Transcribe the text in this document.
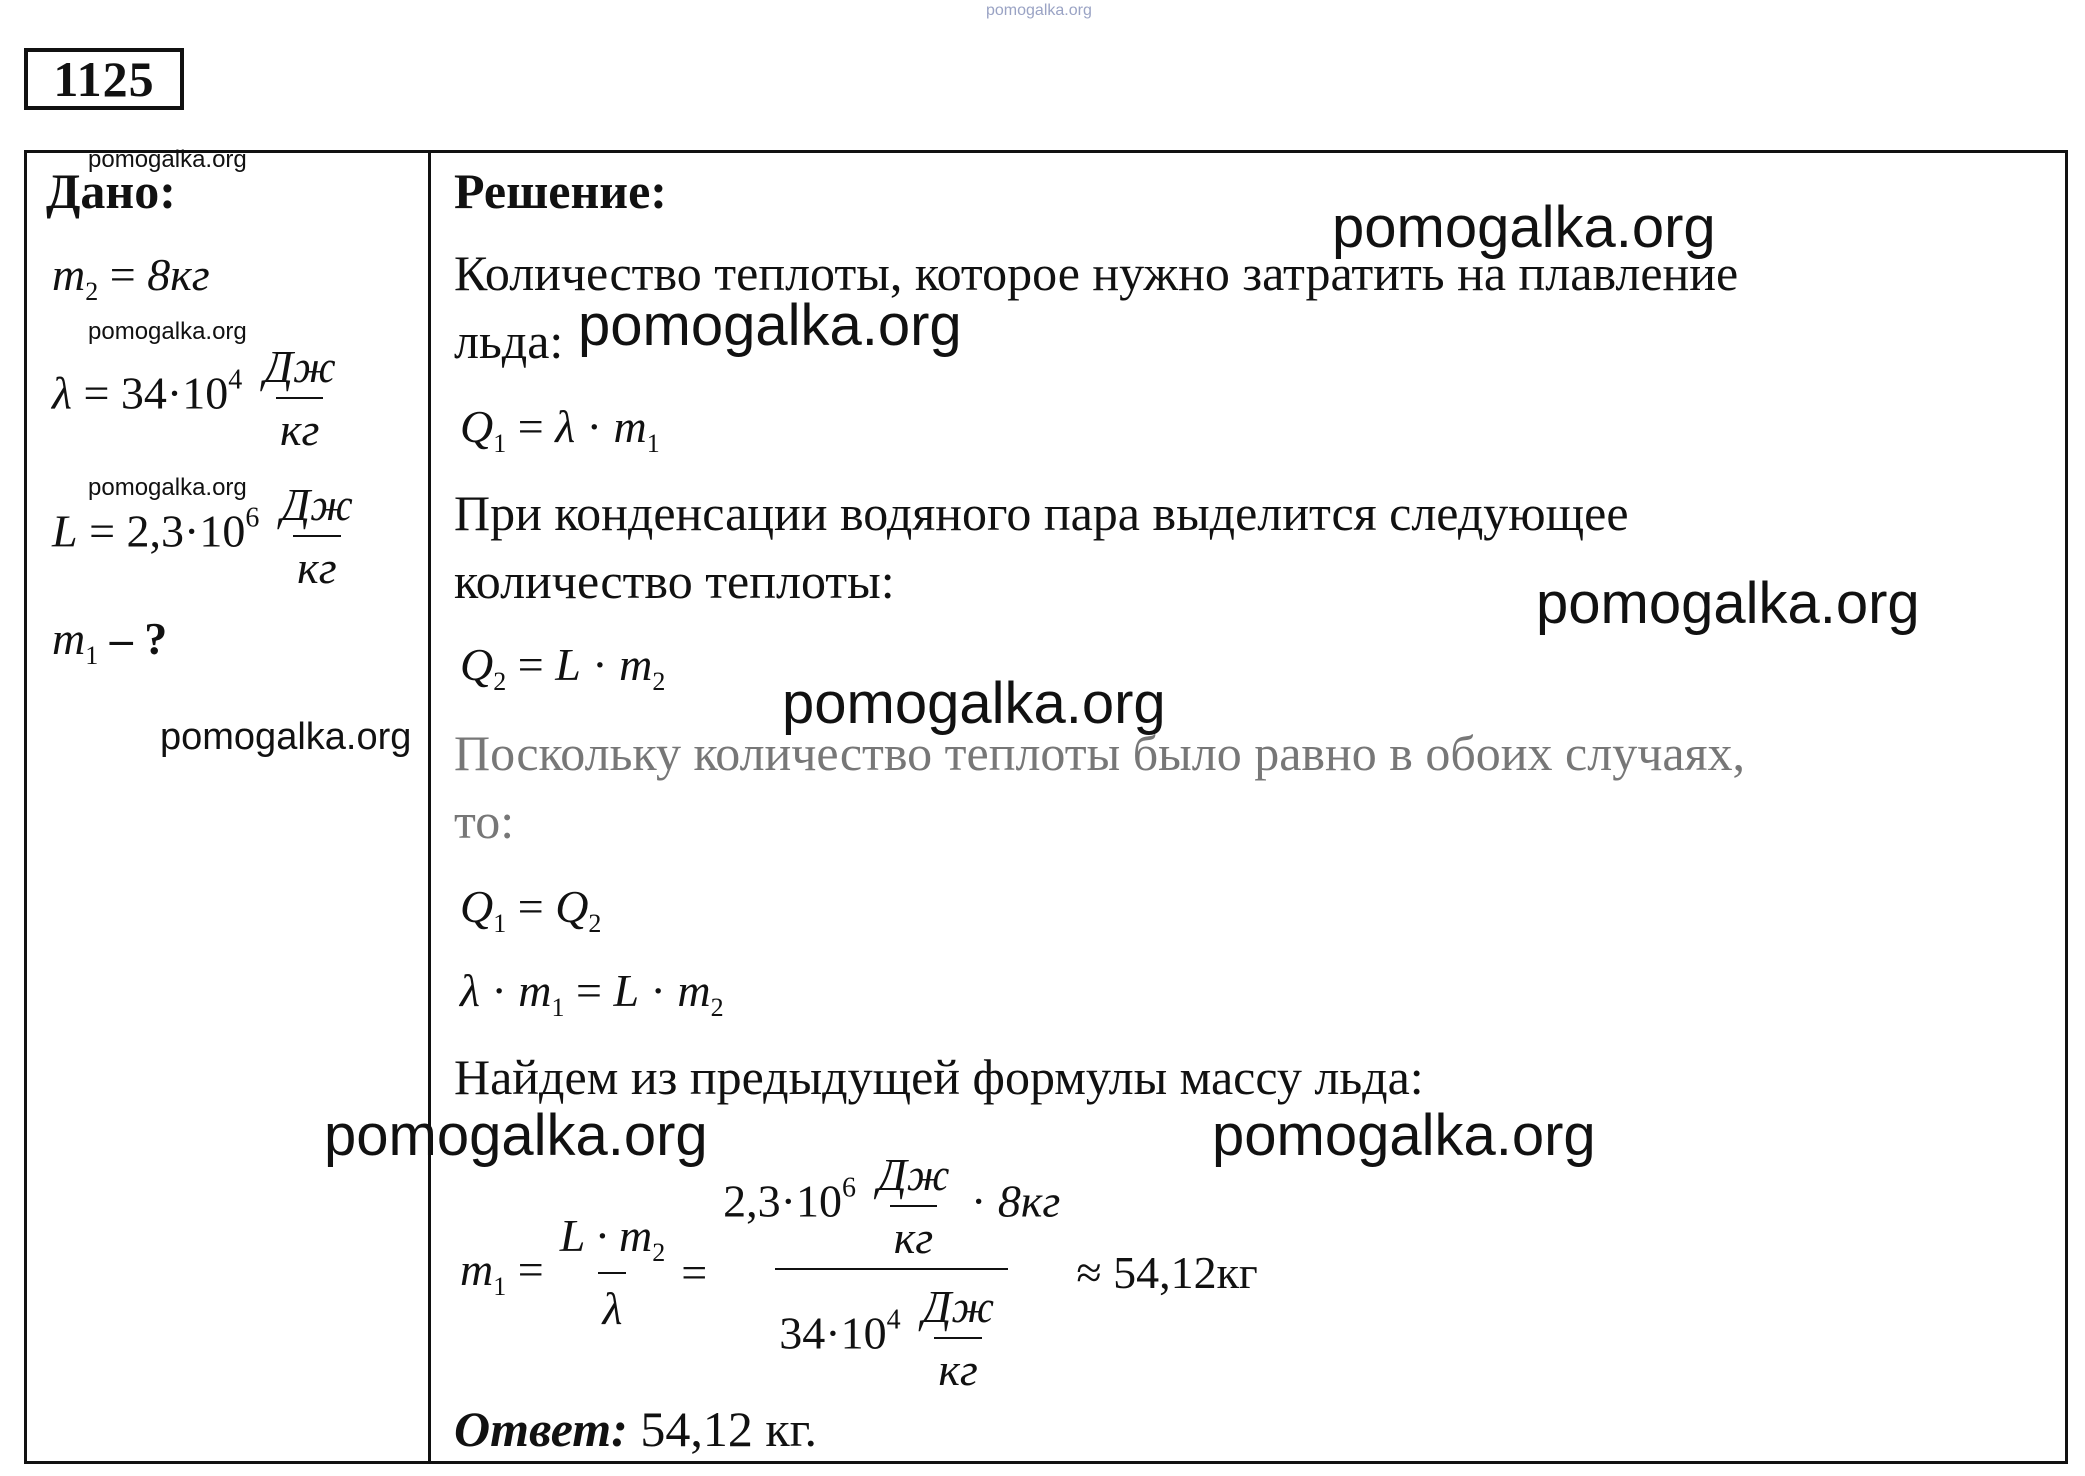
pomogalka.org
1125
Дано:
$m_2 = 8кг$
$\lambda = 34\cdot 10^4 \frac{Дж}{кг}$
$L = 2,3\cdot 10^6 \frac{Дж}{кг}$
$m_1$ – ?
Решение:
Количество теплоты, которое нужно затратить на плавление
льда:
$Q_1 = \lambda \cdot m_1$
При конденсации водяного пара выделится следующее
количество теплоты:
$Q_2 = L \cdot m_2$
Поскольку количество теплоты было равно в обоих случаях,
то:
$Q_1 = Q_2$
$\lambda \cdot m_1 = L \cdot m_2$
Найдем из предыдущей формулы массу льда:
$m_1 = \frac{L \cdot m_2}{\lambda} = \frac{2,3\cdot 10^6 \frac{Дж}{кг} \cdot 8кг}{34\cdot 10^4 \frac{Дж}{кг}} \approx 54,12кг$
Ответ: 54,12 кг.
pomogalka.org
pomogalka.org
pomogalka.org
pomogalka.org
pomogalka.org
pomogalka.org
pomogalka.org
pomogalka.org
pomogalka.org	pomogalka.org
